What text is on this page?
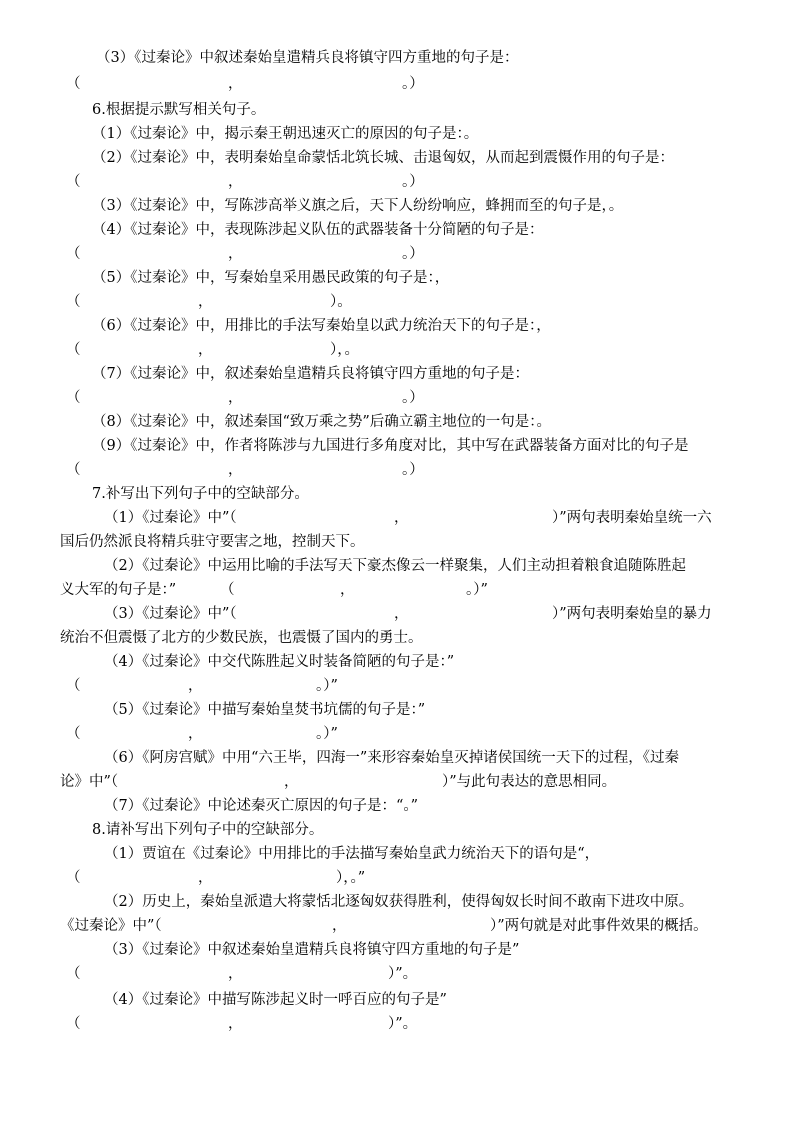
（3）《过秦论》中叙述秦始皇遣精兵良将镇守四方重地的句子是：
（	，	。）
6.根据提示默写相关句子。
（1）《过秦论》中，揭示秦王朝迅速灭亡的原因的句子是：。
（2）《过秦论》中，表明秦始皇命蒙恬北筑长城、击退匈奴，从而起到震慑作用的句子是：
（	，	。）
（3）《过秦论》中，写陈涉高举义旗之后，天下人纷纷响应，蜂拥而至的句子是，。
（4）《过秦论》中，表现陈涉起义队伍的武器装备十分简陋的句子是：
（	，	。）
（5）《过秦论》中，写秦始皇采用愚民政策的句子是：，
（	，	）。
（6）《过秦论》中，用排比的手法写秦始皇以武力统治天下的句子是：，
（	，	），。
（7）《过秦论》中，叙述秦始皇遣精兵良将镇守四方重地的句子是：
（	，	。）
（8）《过秦论》中，叙述秦国“致万乘之势”后确立霸主地位的一句是：。
（9）《过秦论》中，作者将陈涉与九国进行多角度对比，其中写在武器装备方面对比的句子是
（	，	。）
7.补写出下列句子中的空缺部分。
（1）《过秦论》中”（	，	）”两句表明秦始皇统一六
国后仍然派良将精兵驻守要害之地，控制天下。
（2）《过秦论》中运用比喻的手法写天下豪杰像云一样聚集，人们主动担着粮食追随陈胜起
义大军的句子是：”	（	，	。）”
（3）《过秦论》中”（	，	）”两句表明秦始皇的暴力
统治不但震慑了北方的少数民族，也震慑了国内的勇士。
（4）《过秦论》中交代陈胜起义时装备简陋的句子是：”
（	，	。）”
（5）《过秦论》中描写秦始皇焚书坑儒的句子是：”
（	，	。）”
（6）《阿房宫赋》中用“六王毕，四海一”来形容秦始皇灭掉诸侯国统一天下的过程，《过秦
论》中”（	，	）”与此句表达的意思相同。
（7）《过秦论》中论述秦灭亡原因的句子是：“。”
8.请补写出下列句子中的空缺部分。
（1）贾谊在《过秦论》中用排比的手法描写秦始皇武力统治天下的语句是“，
（	，	），。”
（2）历史上，秦始皇派遣大将蒙恬北逐匈奴获得胜利，使得匈奴长时间不敢南下进攻中原。
《过秦论》中”（	，	）”两句就是对此事件效果的概括。
（3）《过秦论》中叙述秦始皇遣精兵良将镇守四方重地的句子是”
（	，	）”。
（4）《过秦论》中描写陈涉起义时一呼百应的句子是”
（	，	）”。
